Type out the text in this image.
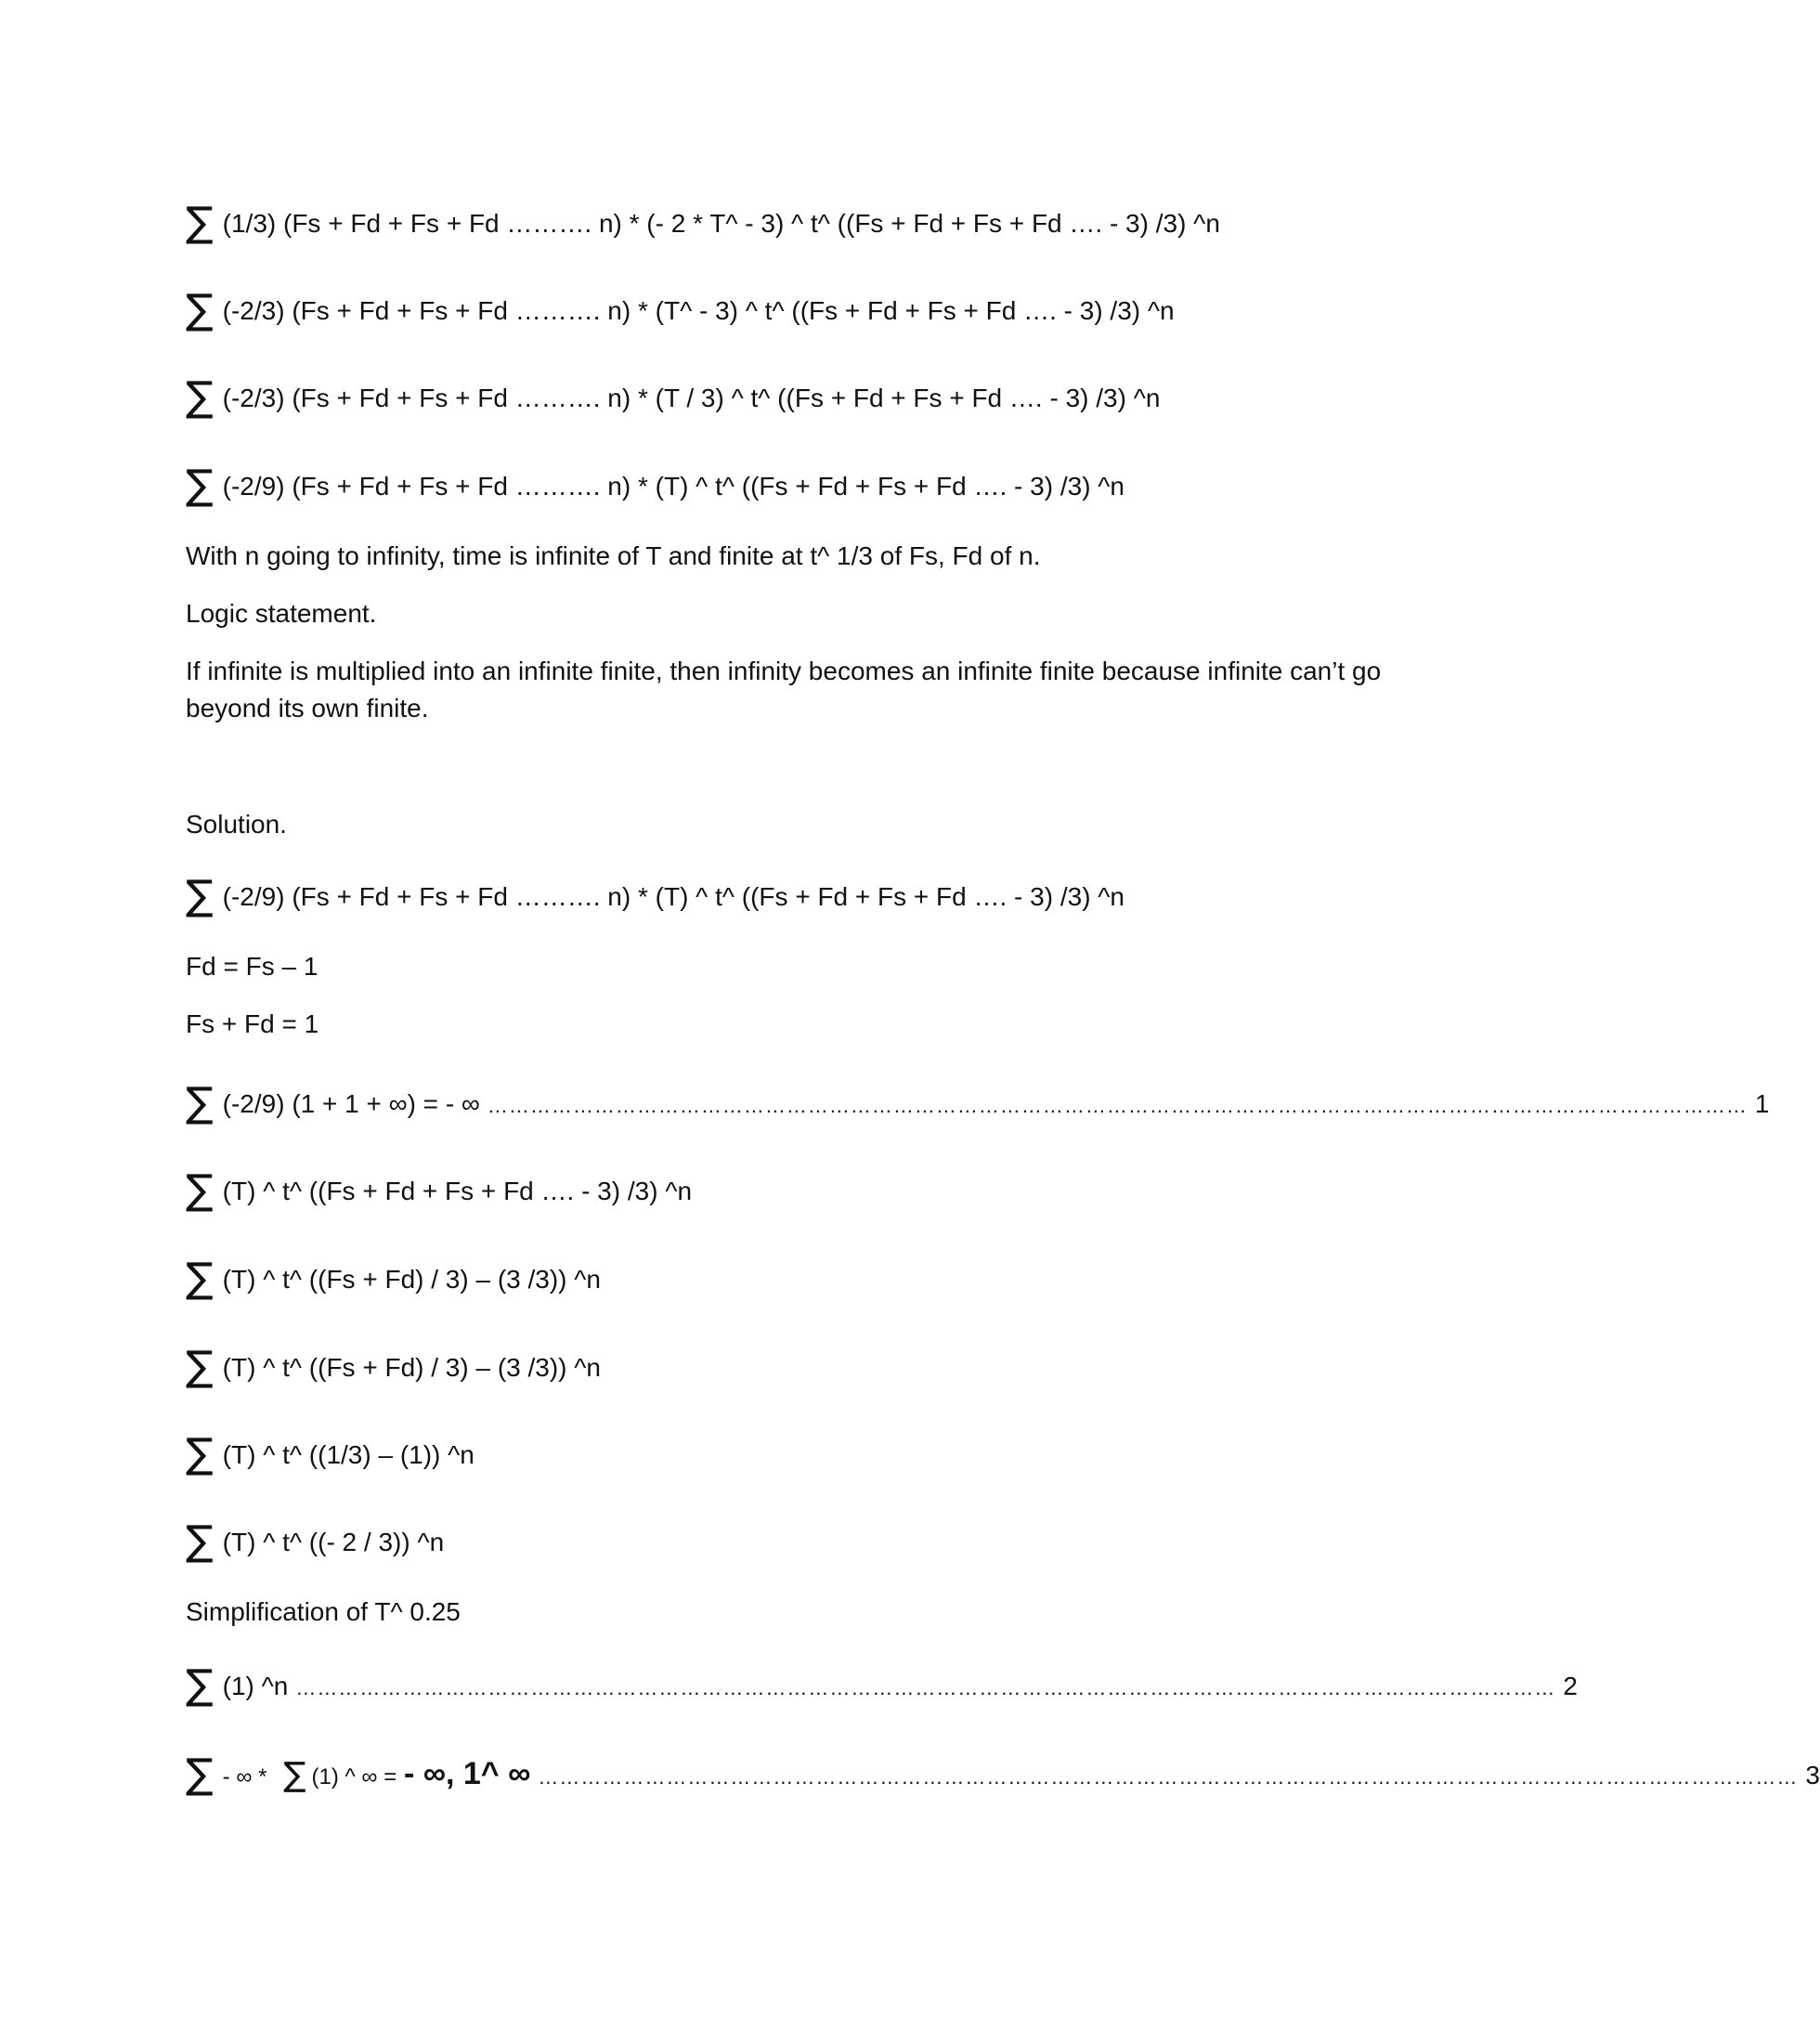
∑ (1/3) (Fs + Fd + Fs + Fd ………. n) * (- 2 * T^ - 3) ^ t^ ((Fs + Fd + Fs + Fd …. - 3) /3) ^n
∑ (-2/3) (Fs + Fd + Fs + Fd ………. n) * (T^ - 3) ^ t^ ((Fs + Fd + Fs + Fd …. - 3) /3) ^n
∑ (-2/3) (Fs + Fd + Fs + Fd ………. n) * (T / 3) ^ t^ ((Fs + Fd + Fs + Fd …. - 3) /3) ^n
∑ (-2/9) (Fs + Fd + Fs + Fd ………. n) * (T) ^ t^ ((Fs + Fd + Fs + Fd …. - 3) /3) ^n
With n going to infinity, time is infinite of T and finite at t^ 1/3 of Fs, Fd of n.
Logic statement.
If infinite is multiplied into an infinite finite, then infinity becomes an infinite finite because infinite can’t go beyond its own finite.
Solution.
∑ (-2/9) (Fs + Fd + Fs + Fd ………. n) * (T) ^ t^ ((Fs + Fd + Fs + Fd …. - 3) /3) ^n
Fd = Fs – 1
Fs + Fd = 1
∑ (-2/9) (1 + 1 + ∞) = - ∞ …………………………………………………………………………………………………………………………………………………………… 1
∑ (T) ^ t^ ((Fs + Fd + Fs + Fd …. - 3) /3) ^n
∑ (T) ^ t^ ((Fs + Fd) / 3) – (3 /3)) ^n
∑ (T) ^ t^ ((Fs + Fd) / 3) – (3 /3)) ^n
∑ (T) ^ t^ ((1/3) – (1)) ^n
∑ (T) ^ t^ ((- 2 / 3)) ^n
Simplification of T^ 0.25
∑ (1) ^n …………………………………………………………………………………………………………………………………………………………… 2
∑ - ∞ * ∑ (1) ^ ∞ = - ∞, 1^ ∞ …………………………………………………………………………………………………………………………………………………………… 3
